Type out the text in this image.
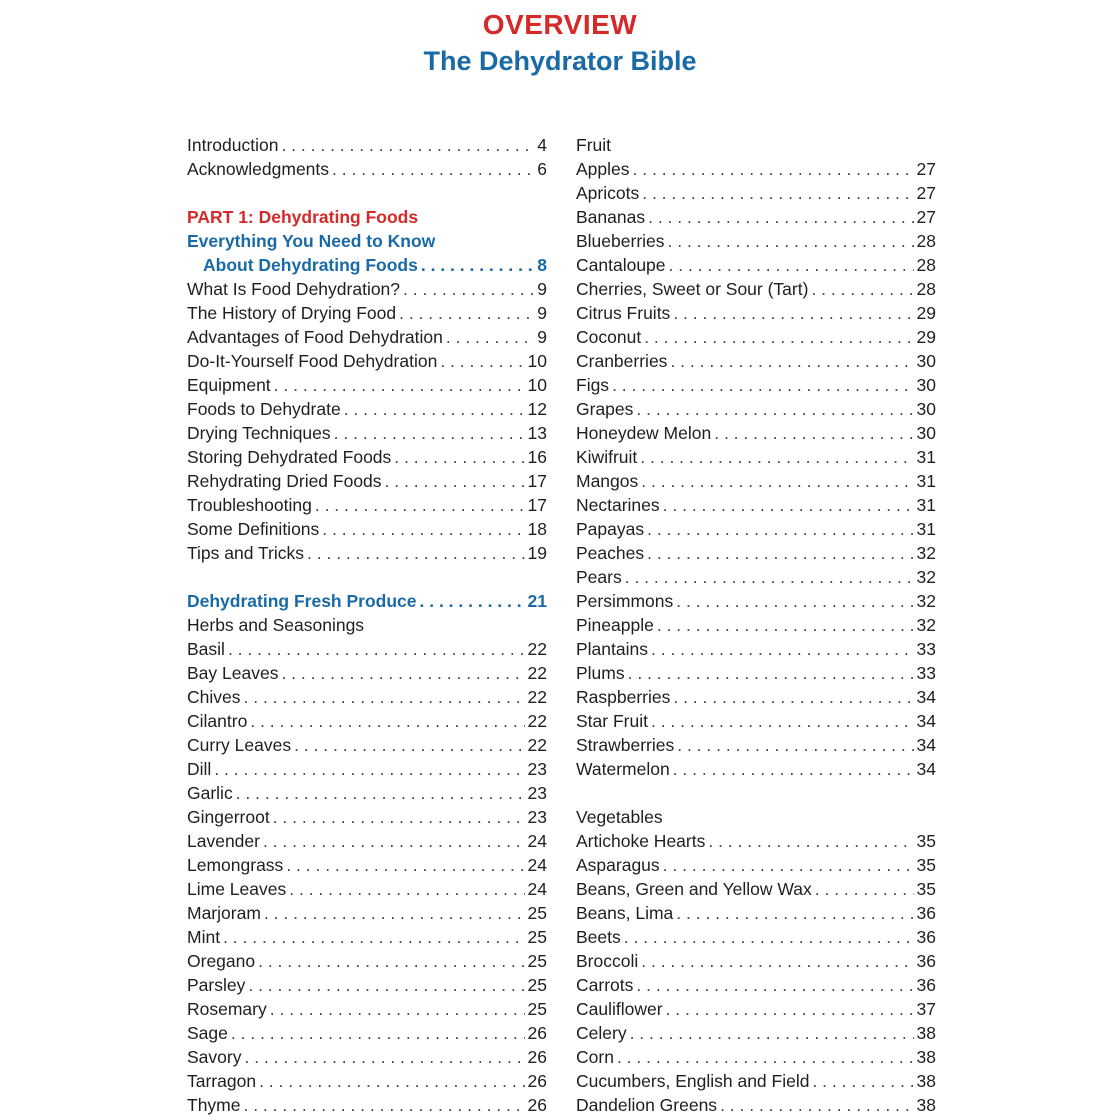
OVERVIEW
The Dehydrator Bible
Introduction . . .	4
Acknowledgments . . .	6
PART 1: Dehydrating Foods
Everything You Need to Know
About Dehydrating Foods . . .	8
What Is Food Dehydration? . . .	9
The History of Drying Food . . .	9
Advantages of Food Dehydration . . .	9
Do-It-Yourself Food Dehydration . . .	10
Equipment . . .	10
Foods to Dehydrate . . .	12
Drying Techniques . . .	13
Storing Dehydrated Foods . . .	16
Rehydrating Dried Foods . . .	17
Troubleshooting . . .	17
Some Definitions . . .	18
Tips and Tricks . . .	19
Dehydrating Fresh Produce . . .	21
Herbs and Seasonings
Basil . . .	22
Bay Leaves . . .	22
Chives . . .	22
Cilantro . . .	22
Curry Leaves . . .	22
Dill . . .	23
Garlic . . .	23
Gingerroot . . .	23
Lavender . . .	24
Lemongrass . . .	24
Lime Leaves . . .	24
Marjoram . . .	25
Mint . . .	25
Oregano . . .	25
Parsley . . .	25
Rosemary . . .	25
Sage . . .	26
Savory . . .	26
Tarragon . . .	26
Thyme . . .	26
Fruit
Apples . . .	27
Apricots . . .	27
Bananas . . .	27
Blueberries . . .	28
Cantaloupe . . .	28
Cherries, Sweet or Sour (Tart) . . .	28
Citrus Fruits . . .	29
Coconut . . .	29
Cranberries . . .	30
Figs . . .	30
Grapes . . .	30
Honeydew Melon . . .	30
Kiwifruit . . .	31
Mangos . . .	31
Nectarines . . .	31
Papayas . . .	31
Peaches . . .	32
Pears . . .	32
Persimmons . . .	32
Pineapple . . .	32
Plantains . . .	33
Plums . . .	33
Raspberries . . .	34
Star Fruit . . .	34
Strawberries . . .	34
Watermelon . . .	34
Vegetables
Artichoke Hearts . . .	35
Asparagus . . .	35
Beans, Green and Yellow Wax . . .	35
Beans, Lima . . .	36
Beets . . .	36
Broccoli . . .	36
Carrots . . .	36
Cauliflower . . .	37
Celery . . .	38
Corn . . .	38
Cucumbers, English and Field . . .	38
Dandelion Greens . . .	38
